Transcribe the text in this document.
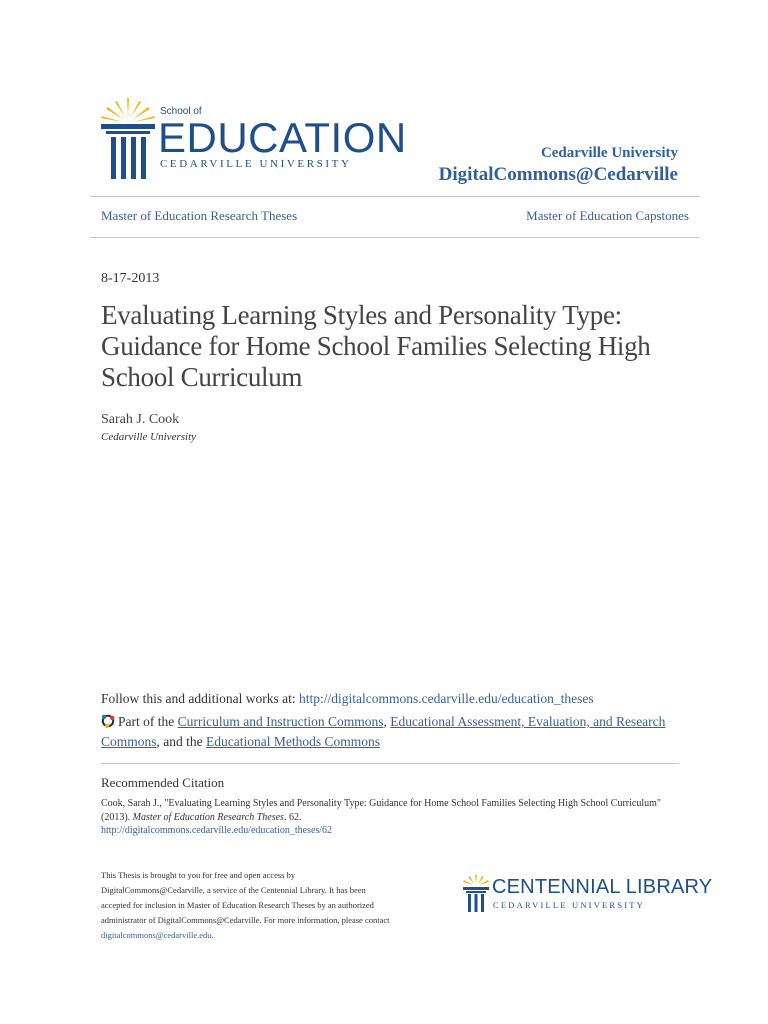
School of
EDUCATION
CEDARVILLE UNIVERSITY
Cedarville University
DigitalCommons@Cedarville
Master of Education Research Theses	Master of Education Capstones
8-17-2013
Evaluating Learning Styles and Personality Type: Guidance for Home School Families Selecting High School Curriculum
Sarah J. Cook
Cedarville University
Follow this and additional works at: http://digitalcommons.cedarville.edu/education_theses
Part of the Curriculum and Instruction Commons, Educational Assessment, Evaluation, and Research Commons, and the Educational Methods Commons
Recommended Citation
Cook, Sarah J., "Evaluating Learning Styles and Personality Type: Guidance for Home School Families Selecting High School Curriculum" (2013). Master of Education Research Theses. 62.
http://digitalcommons.cedarville.edu/education_theses/62
This Thesis is brought to you for free and open access by DigitalCommons@Cedarville, a service of the Centennial Library. It has been accepted for inclusion in Master of Education Research Theses by an authorized administrator of DigitalCommons@Cedarville. For more information, please contact digitalcommons@cedarville.edu.
CENTENNIAL LIBRARY
CEDARVILLE UNIVERSITY
